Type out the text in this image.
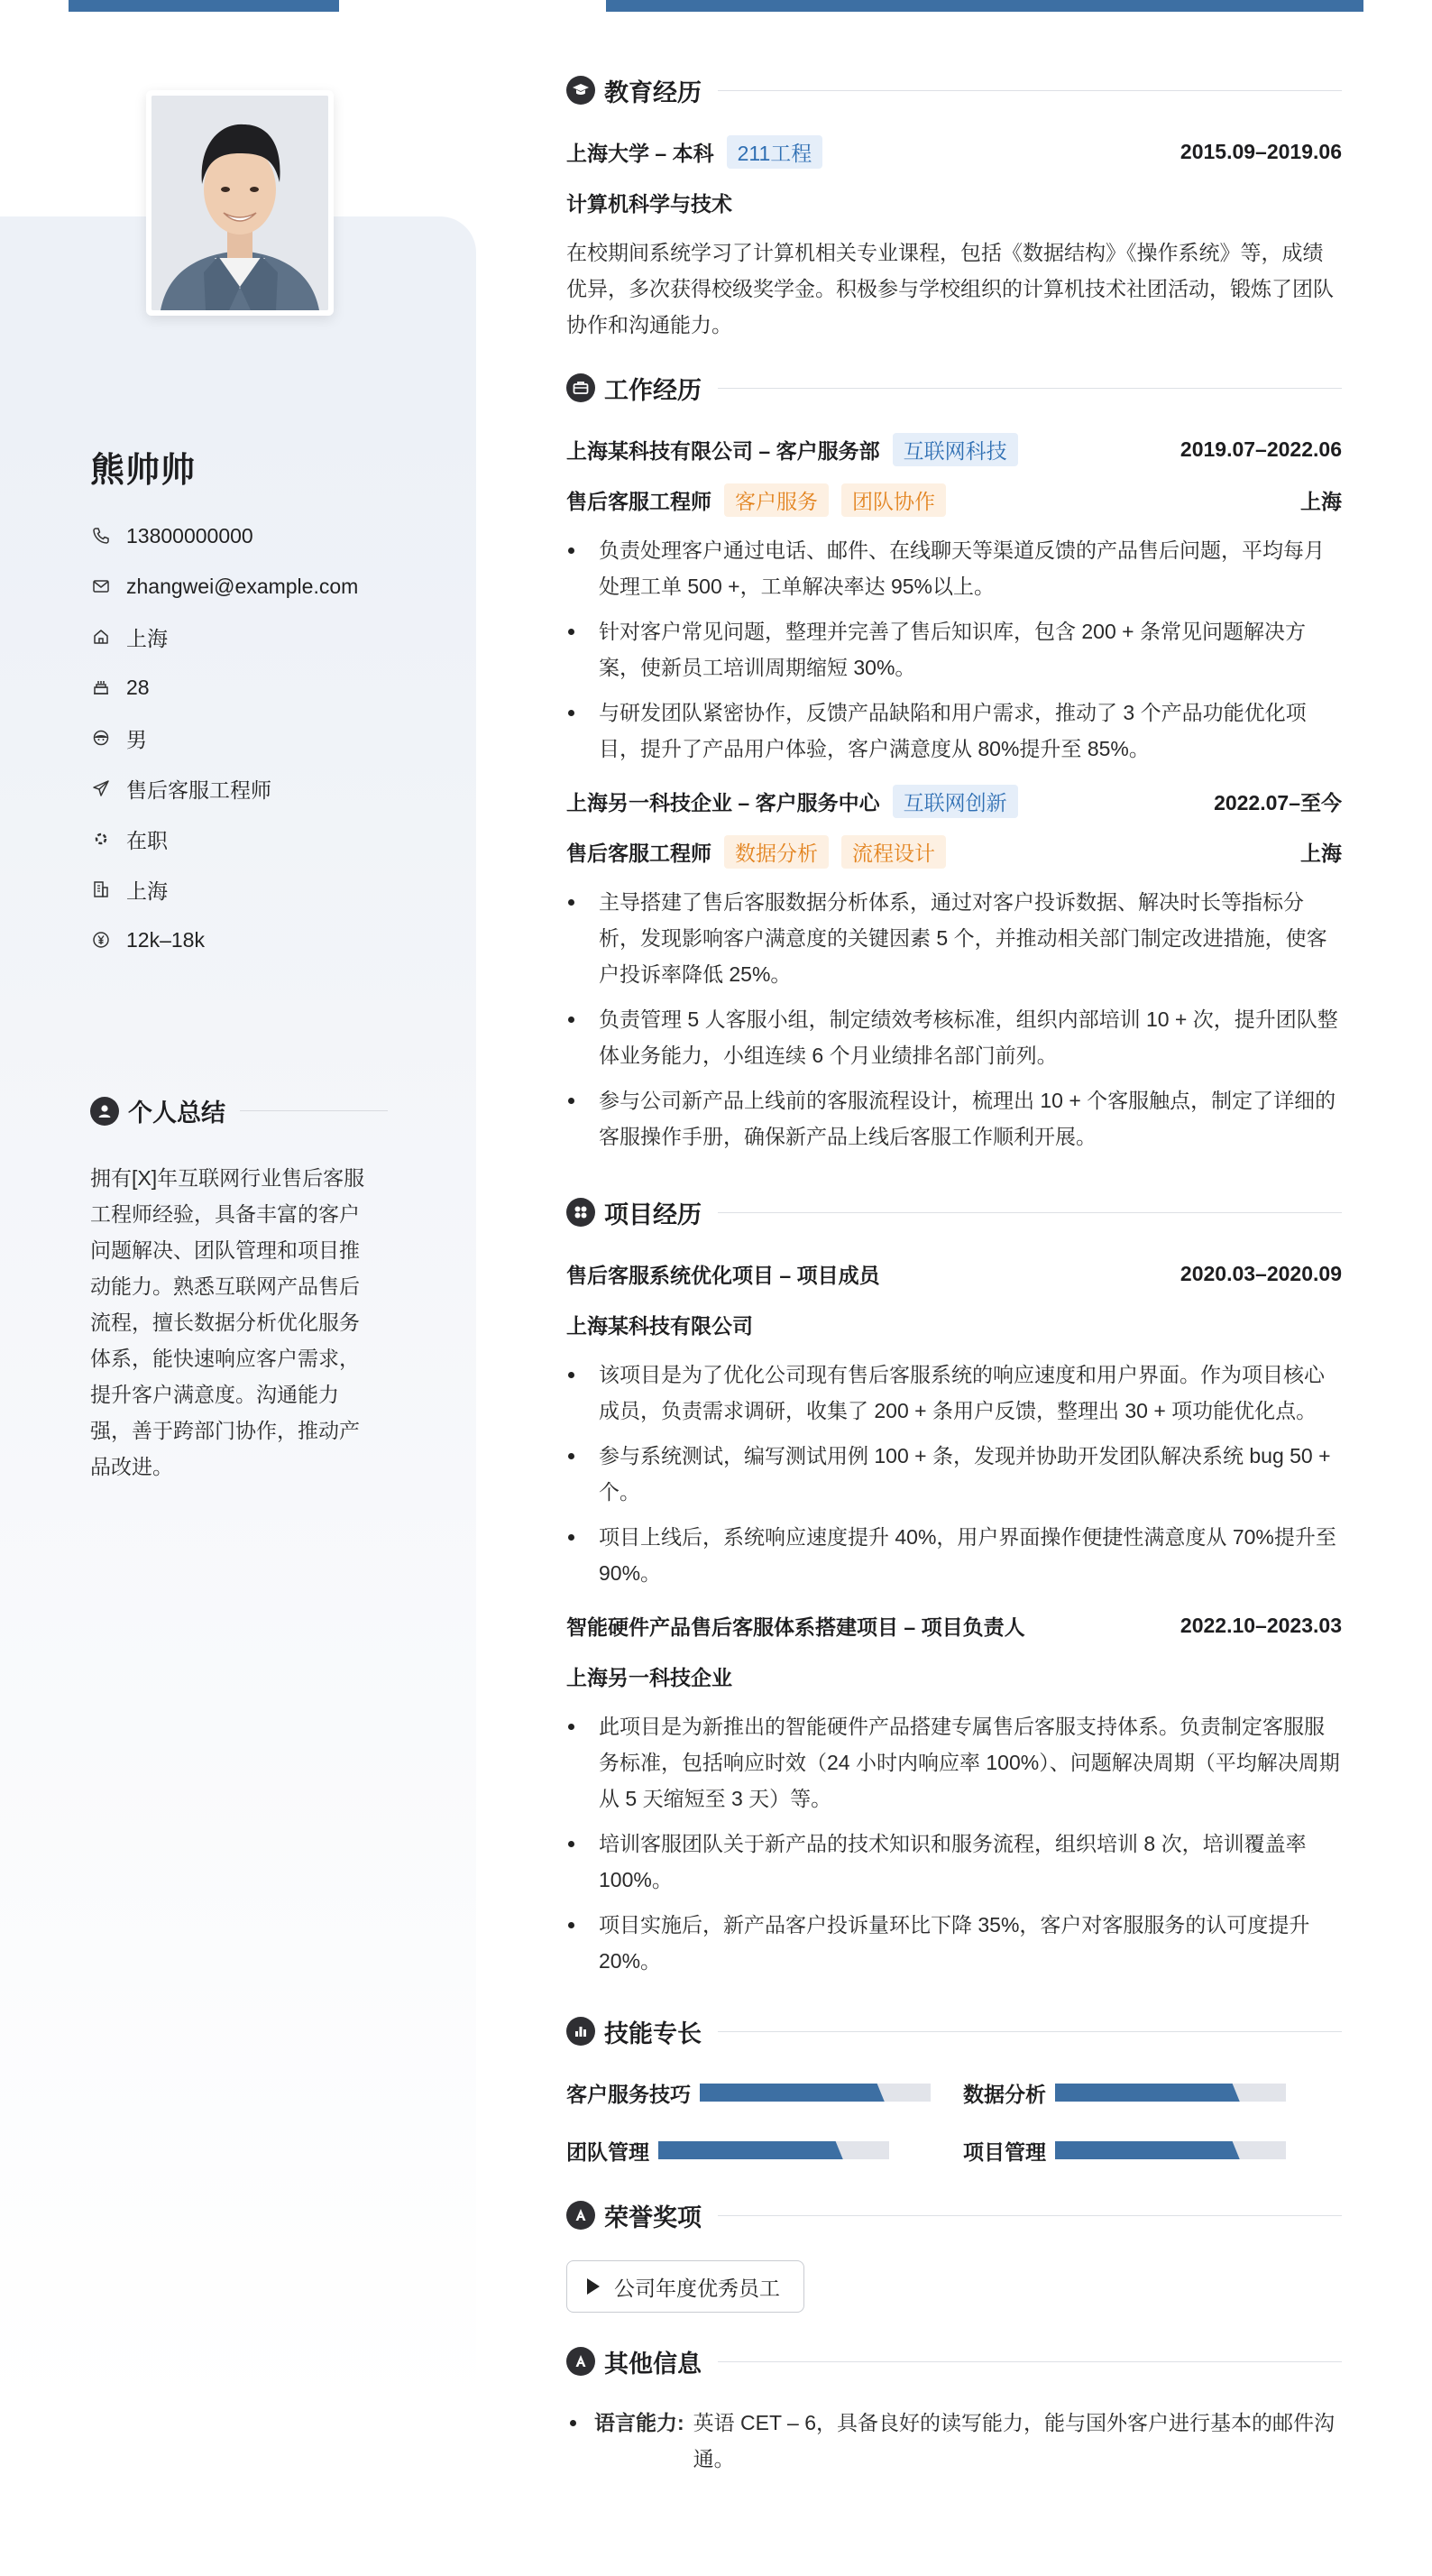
熊帅帅
13800000000
zhangwei@example.com
上海
28
男
售后客服工程师
在职
上海
12k–18k
个人总结
拥有[X]年互联网行业售后客服工程师经验，具备丰富的客户问题解决、团队管理和项目推动能力。熟悉互联网产品售后流程，擅长数据分析优化服务体系，能快速响应客户需求，提升客户满意度。沟通能力强，善于跨部门协作，推动产品改进。
教育经历
上海大学 – 本科	211工程	2015.09–2019.06
计算机科学与技术

在校期间系统学习了计算机相关专业课程，包括《数据结构》《操作系统》等，成绩优异，多次获得校级奖学金。积极参与学校组织的计算机技术社团活动，锻炼了团队协作和沟通能力。

工作经历
上海某科技有限公司 – 客户服务部	互联网科技	2019.07–2022.06
售后客服工程师	客户服务	团队协作	上海
负责处理客户通过电话、邮件、在线聊天等渠道反馈的产品售后问题，平均每月处理工单 500 +，工单解决率达 95%以上。
针对客户常见问题，整理并完善了售后知识库，包含 200 + 条常见问题解决方案，使新员工培训周期缩短 30%。
与研发团队紧密协作，反馈产品缺陷和用户需求，推动了 3 个产品功能优化项目，提升了产品用户体验，客户满意度从 80%提升至 85%。
上海另一科技企业 – 客户服务中心	互联网创新	2022.07–至今
售后客服工程师	数据分析	流程设计	上海
主导搭建了售后客服数据分析体系，通过对客户投诉数据、解决时长等指标分析，发现影响客户满意度的关键因素 5 个，并推动相关部门制定改进措施，使客户投诉率降低 25%。
负责管理 5 人客服小组，制定绩效考核标准，组织内部培训 10 + 次，提升团队整体业务能力，小组连续 6 个月业绩排名部门前列。
参与公司新产品上线前的客服流程设计，梳理出 10 + 个客服触点，制定了详细的客服操作手册，确保新产品上线后客服工作顺利开展。
项目经历
售后客服系统优化项目 – 项目成员	2020.03–2020.09
上海某科技有限公司
该项目是为了优化公司现有售后客服系统的响应速度和用户界面。作为项目核心成员，负责需求调研，收集了 200 + 条用户反馈，整理出 30 + 项功能优化点。
参与系统测试，编写测试用例 100 + 条，发现并协助开发团队解决系统 bug 50 + 个。
项目上线后，系统响应速度提升 40%，用户界面操作便捷性满意度从 70%提升至 90%。
智能硬件产品售后客服体系搭建项目 – 项目负责人	2022.10–2023.03
上海另一科技企业
此项目是为新推出的智能硬件产品搭建专属售后客服支持体系。负责制定客服服务标准，包括响应时效（24 小时内响应率 100%）、问题解决周期（平均解决周期从 5 天缩短至 3 天）等。
培训客服团队关于新产品的技术知识和服务流程，组织培训 8 次，培训覆盖率 100%。
项目实施后，新产品客户投诉量环比下降 35%，客户对客服服务的认可度提升 20%。
技能专长
客户服务技巧	数据分析
团队管理	项目管理
荣誉奖项
公司年度优秀员工
其他信息
语言能力: 英语 CET – 6，具备良好的读写能力，能与国外客户进行基本的邮件沟通。
